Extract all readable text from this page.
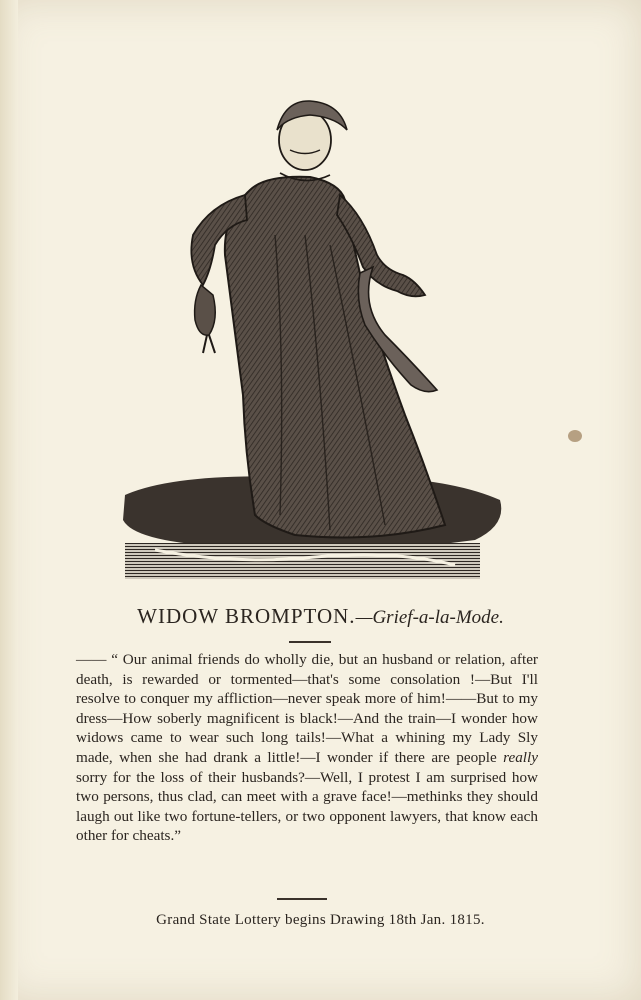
WIDOW BROMPTON.—Grief-a-la-Mode.

—— “ Our animal friends do wholly die, but an husband or relation, after death, is rewarded or tormented—that's some consolation !—But I'll resolve to conquer my affliction—never speak more of him!——But to my dress—How soberly magnificent is black!—And the train—I wonder how widows came to wear such long tails!—What a whining my Lady Sly made, when she had drank a little!—I wonder if there are people really sorry for the loss of their husbands?—Well, I protest I am surprised how two persons, thus clad, can meet with a grave face!—methinks they should laugh out like two fortune-tellers, or two opponent lawyers, that know each other for cheats.”

Grand State Lottery begins Drawing 18th Jan. 1815.
